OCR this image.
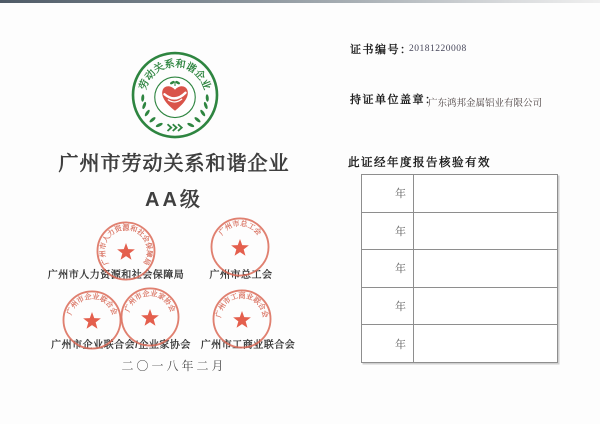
劳动关系和谐企业
广州市劳动关系和谐企业
AA级
广州市人力资源和社会保障局	广州市总工会
广州市企业联合会/企业家协会 广州市工商业联合会
广州市人力资源和社会保障局
广州市总工会
广州市企业联合会 广州市企业家协会
广州市工商业联合会
二〇一八年二月
证书编号：
20181220008
持证单位盖章：
广东鸿邦金属铝业有限公司
此证经年度报告核验有效
年	
年	
年	
年	
年	
